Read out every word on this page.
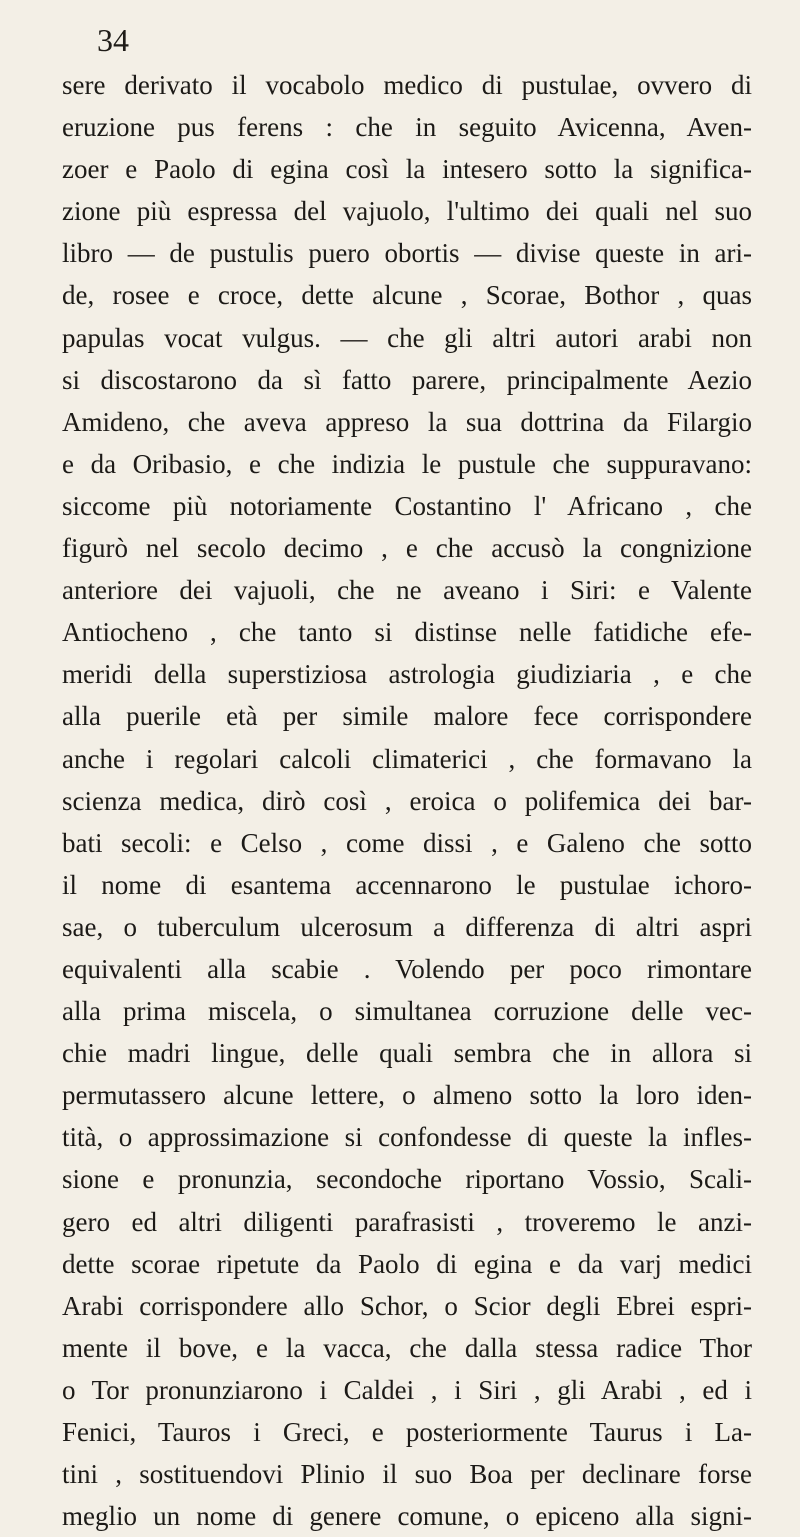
34
sere derivato il vocabolo medico di pustulae, ovvero di
eruzione pus ferens : che in seguito Avicenna, Aven-
zoer e Paolo di egina così la intesero sotto la significa-
zione più espressa del vajuolo, l'ultimo dei quali nel suo
libro — de pustulis puero obortis — divise queste in ari-
de, rosee e croce, dette alcune , Scorae, Bothor , quas
papulas vocat vulgus. — che gli altri autori arabi non
si discostarono da sì fatto parere, principalmente Aezio
Amideno, che aveva appreso la sua dottrina da Filargio
e da Oribasio, e che indizia le pustule che suppuravano:
siccome più notoriamente Costantino l' Africano , che
figurò nel secolo decimo , e che accusò la congnizione
anteriore dei vajuoli, che ne aveano i Siri: e Valente
Antiocheno , che tanto si distinse nelle fatidiche efe-
meridi della superstiziosa astrologia giudiziaria , e che
alla puerile età per simile malore fece corrispondere
anche i regolari calcoli climaterici , che formavano la
scienza medica, dirò così , eroica o polifemica dei bar-
bati secoli: e Celso , come dissi , e Galeno che sotto
il nome di esantema accennarono le pustulae ichoro-
sae, o tuberculum ulcerosum a differenza di altri aspri
equivalenti alla scabie . Volendo per poco rimontare
alla prima miscela, o simultanea corruzione delle vec-
chie madri lingue, delle quali sembra che in allora si
permutassero alcune lettere, o almeno sotto la loro iden-
tità, o approssimazione si confondesse di queste la infles-
sione e pronunzia, secondoche riportano Vossio, Scali-
gero ed altri diligenti parafrasisti , troveremo le anzi-
dette scorae ripetute da Paolo di egina e da varj medici
Arabi corrispondere allo Schor, o Scior degli Ebrei espri-
mente il bove, e la vacca, che dalla stessa radice Thor
o Tor pronunziarono i Caldei , i Siri , gli Arabi , ed i
Fenici, Tauros i Greci, e posteriormente Taurus i La-
tini , sostituendovi Plinio il suo Boa per declinare forse
meglio un nome di genere comune, o epiceno alla signi-
